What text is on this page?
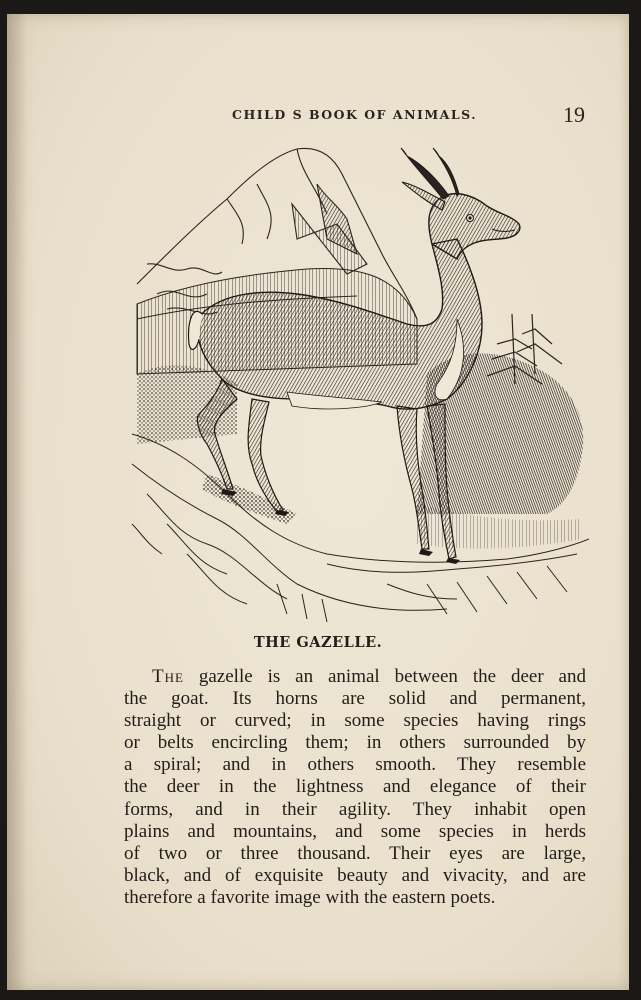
CHILD S BOOK OF ANIMALS.	19
THE GAZELLE.
The gazelle is an animal between the deer and
the goat. Its horns are solid and permanent,
straight or curved; in some species having rings
or belts encircling them; in others surrounded by
a spiral; and in others smooth. They resemble
the deer in the lightness and elegance of their
forms, and in their agility. They inhabit open
plains and mountains, and some species in herds
of two or three thousand. Their eyes are large,
black, and of exquisite beauty and vivacity, and are
therefore a favorite image with the eastern poets.
